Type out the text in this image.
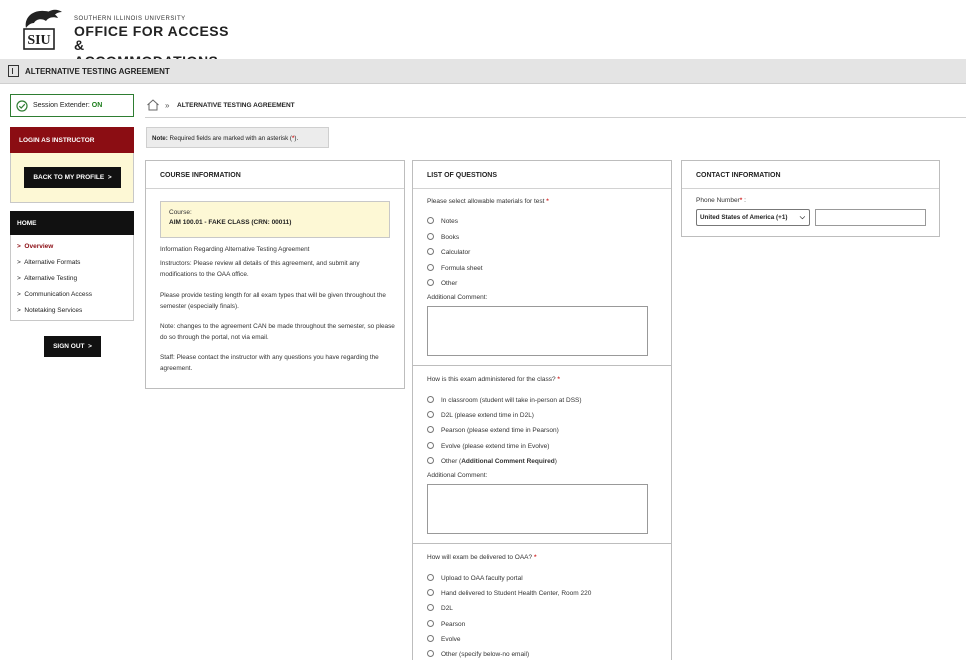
SIU
SOUTHERN ILLINOIS UNIVERSITY
OFFICE FOR ACCESS
&
ALTERNATIVE TESTING AGREEMENT
Session Extender: ON
LOGIN AS INSTRUCTOR
BACK TO MY PROFILE  >
HOME
> Overview
> Alternative Formats
> Alternative Testing
> Communication Access
> Notetaking Services
SIGN OUT  >
» ALTERNATIVE TESTING AGREEMENT
Note: Required fields are marked with an asterisk (*).
COURSE INFORMATION
Course:
AIM 100.01 - FAKE CLASS (CRN: 00011)
Information Regarding Alternative Testing Agreement
Instructors: Please review all details of this agreement, and submit any modifications to the OAA office.
Please provide testing length for all exam types that will be given throughout the semester (especially finals).
Note: changes to the agreement CAN be made throughout the semester, so please do so through the portal, not via email.
Staff: Please contact the instructor with any questions you have regarding the agreement.
LIST OF QUESTIONS
Please select allowable materials for test *
Notes
Books
Calculator
Formula sheet
Other
Additional Comment:
How is this exam administered for the class? *
In classroom (student will take in-person at DSS)
D2L (please extend time in D2L)
Pearson (please extend time in Pearson)
Evolve (please extend time in Evolve)
Other (Additional Comment Required)
Additional Comment:
How will exam be delivered to OAA? *
Upload to OAA faculty portal
Hand delivered to Student Health Center, Room 220
D2L
Pearson
Evolve
Other (specify below-no email)
CONTACT INFORMATION
Phone Number* :
United States of America (+1) ⌵
